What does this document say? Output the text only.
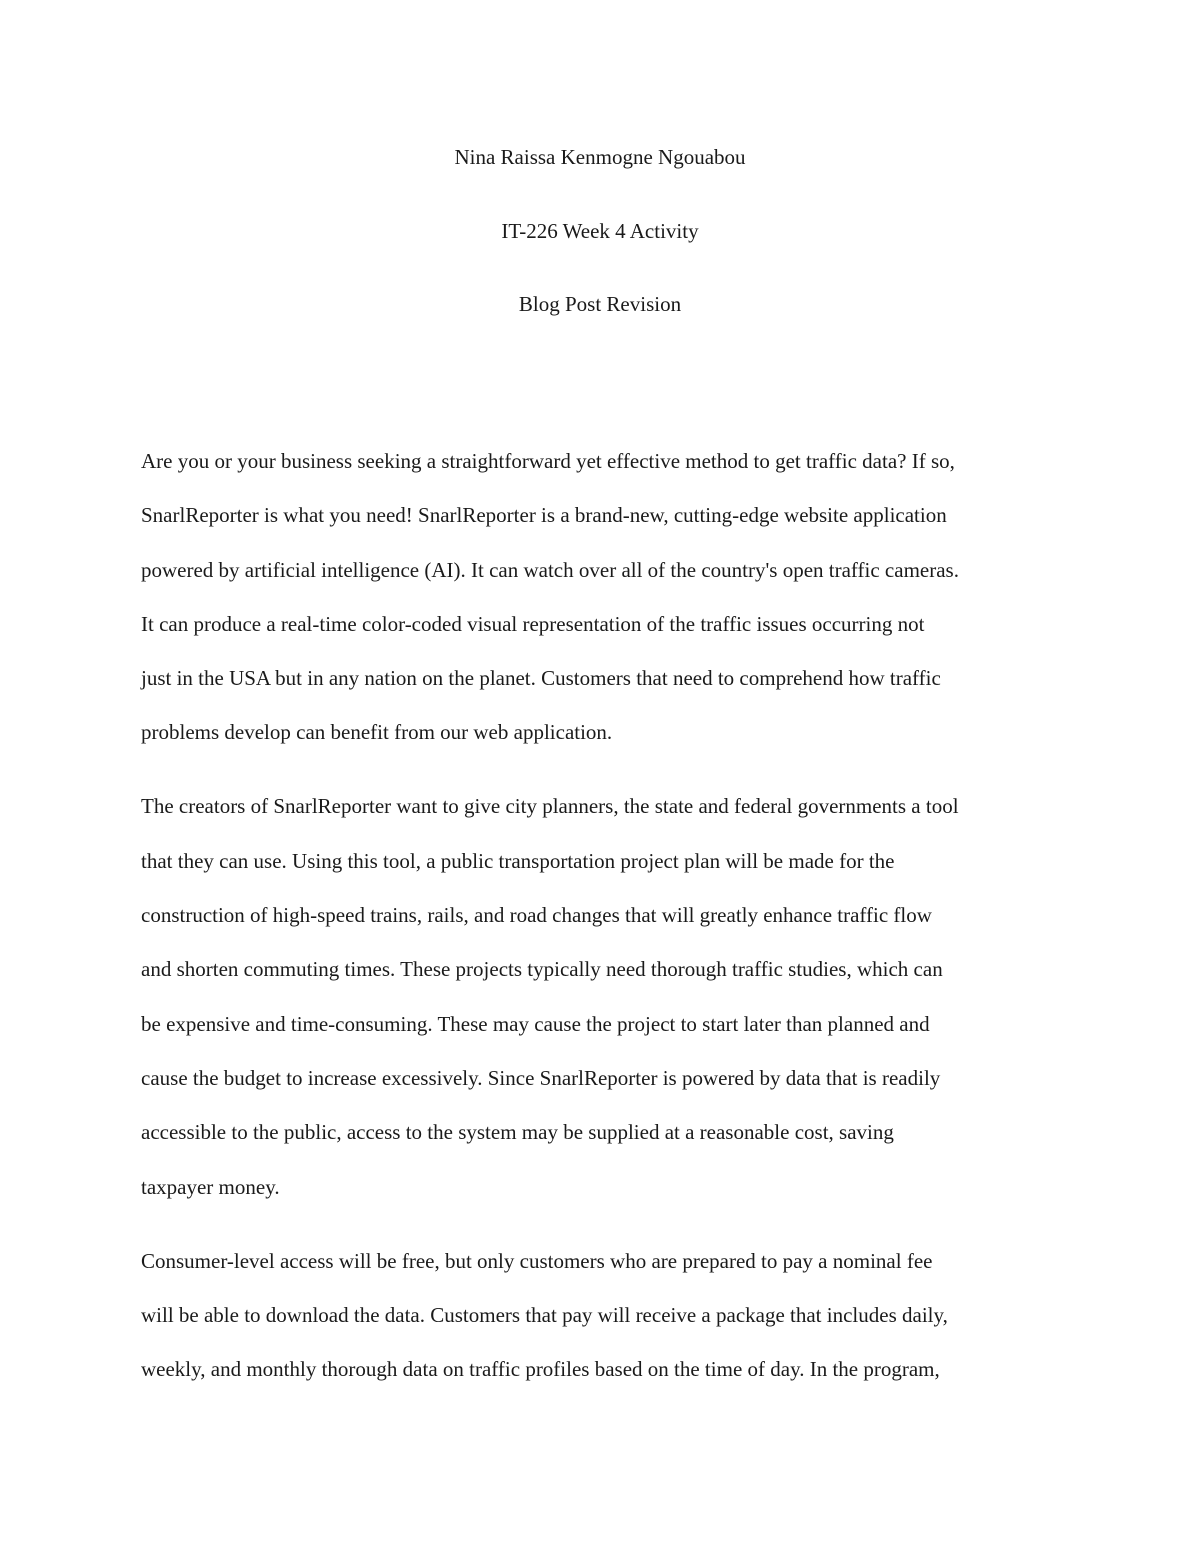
Nina Raissa Kenmogne Ngouabou
IT-226 Week 4 Activity
Blog Post Revision

Are you or your business seeking a straightforward yet effective method to get traffic data? If so,
SnarlReporter is what you need! SnarlReporter is a brand-new, cutting-edge website application
powered by artificial intelligence (AI). It can watch over all of the country's open traffic cameras.
It can produce a real-time color-coded visual representation of the traffic issues occurring not
just in the USA but in any nation on the planet. Customers that need to comprehend how traffic
problems develop can benefit from our web application.

The creators of SnarlReporter want to give city planners, the state and federal governments a tool
that they can use. Using this tool, a public transportation project plan will be made for the
construction of high-speed trains, rails, and road changes that will greatly enhance traffic flow
and shorten commuting times. These projects typically need thorough traffic studies, which can
be expensive and time-consuming. These may cause the project to start later than planned and
cause the budget to increase excessively. Since SnarlReporter is powered by data that is readily
accessible to the public, access to the system may be supplied at a reasonable cost, saving
taxpayer money.

Consumer-level access will be free, but only customers who are prepared to pay a nominal fee
will be able to download the data. Customers that pay will receive a package that includes daily,
weekly, and monthly thorough data on traffic profiles based on the time of day. In the program,
